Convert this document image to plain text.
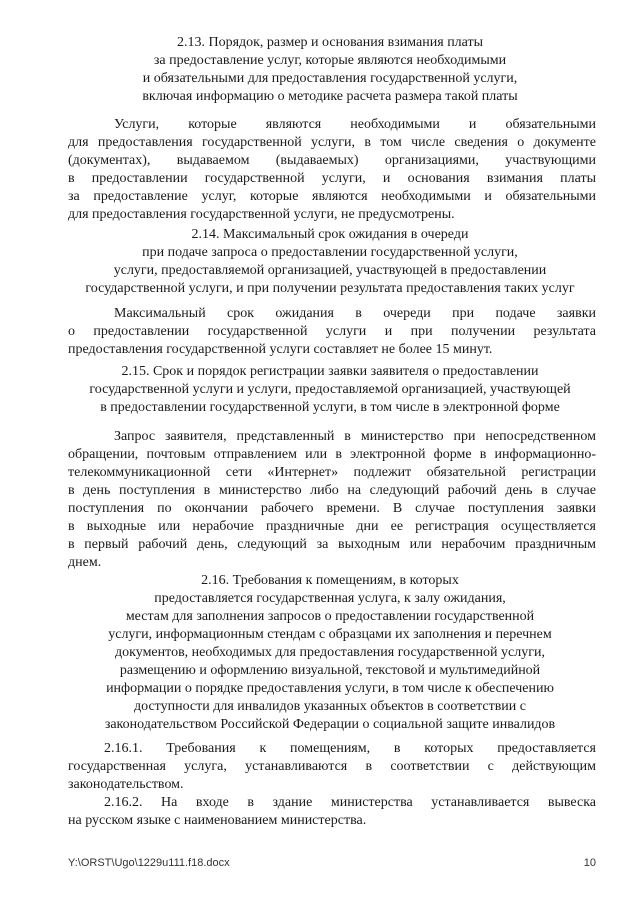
2.13. Порядок, размер и основания взимания платы
за предоставление услуг, которые являются необходимыми
и обязательными для предоставления государственной услуги,
включая информацию о методике расчета размера такой платы
Услуги, которые являются необходимыми и обязательными
для предоставления государственной услуги, в том числе сведения о документе
(документах), выдаваемом (выдаваемых) организациями, участвующими
в предоставлении государственной услуги, и основания взимания платы
за предоставление услуг, которые являются необходимыми и обязательными
для предоставления государственной услуги, не предусмотрены.
2.14. Максимальный срок ожидания в очереди
при подаче запроса о предоставлении государственной услуги,
услуги, предоставляемой организацией, участвующей в предоставлении
государственной услуги, и при получении результата предоставления таких услуг
Максимальный срок ожидания в очереди при подаче заявки
о предоставлении государственной услуги и при получении результата
предоставления государственной услуги составляет не более 15 минут.
2.15. Срок и порядок регистрации заявки заявителя о предоставлении
государственной услуги и услуги, предоставляемой организацией, участвующей
в предоставлении государственной услуги, в том числе в электронной форме
Запрос заявителя, представленный в министерство при непосредственном
обращении, почтовым отправлением или в электронной форме в информационно-
телекоммуникационной сети «Интернет» подлежит обязательной регистрации
в день поступления в министерство либо на следующий рабочий день в случае
поступления по окончании рабочего времени. В случае поступления заявки
в выходные или нерабочие праздничные дни ее регистрация осуществляется
в первый рабочий день, следующий за выходным или нерабочим праздничным
днем.
2.16. Требования к помещениям, в которых
предоставляется государственная услуга, к залу ожидания,
местам для заполнения запросов о предоставлении государственной
услуги, информационным стендам с образцами их заполнения и перечнем
документов, необходимых для предоставления государственной услуги,
размещению и оформлению визуальной, текстовой и мультимедийной
информации о порядке предоставления услуги, в том числе к обеспечению
доступности для инвалидов указанных объектов в соответствии с
законодательством Российской Федерации о социальной защите инвалидов
2.16.1. Требования к помещениям, в которых предоставляется
государственная услуга, устанавливаются в соответствии с действующим
законодательством.
2.16.2. На входе в здание министерства устанавливается вывеска
на русском языке с наименованием министерства.
Y:\ORST\Ugo\1229u111.f18.docx	10
